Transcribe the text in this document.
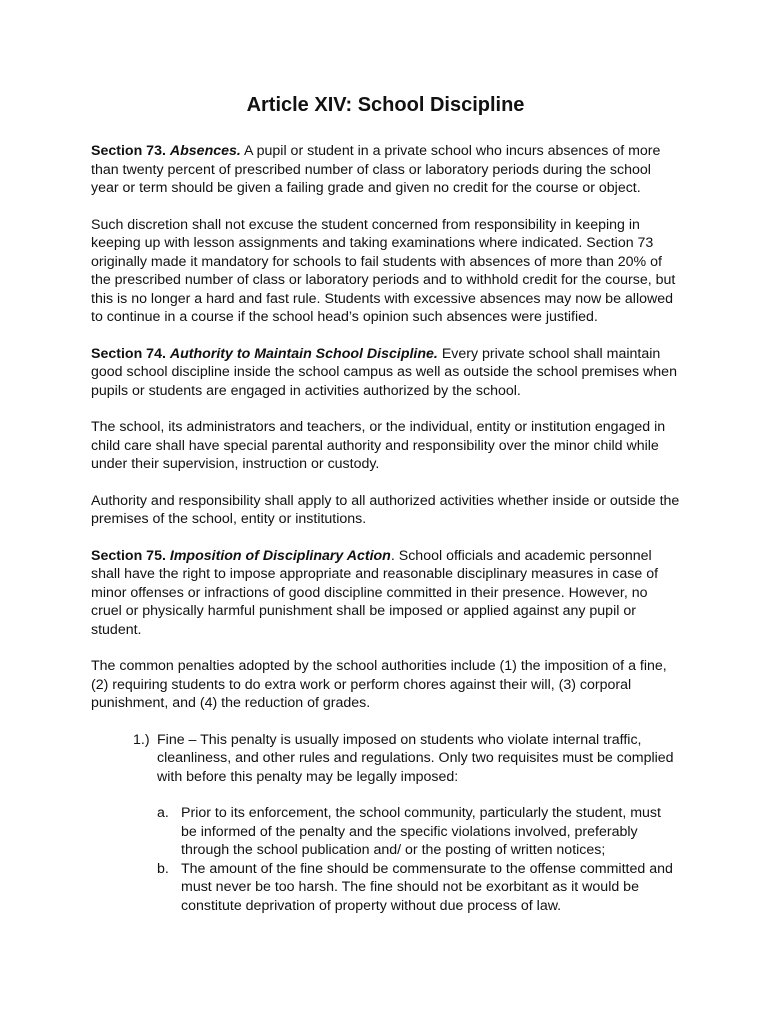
Article XIV: School Discipline

Section 73. Absences. A pupil or student in a private school who incurs absences of more than twenty percent of prescribed number of class or laboratory periods during the school year or term should be given a failing grade and given no credit for the course or object.

Such discretion shall not excuse the student concerned from responsibility in keeping in keeping up with lesson assignments and taking examinations where indicated. Section 73 originally made it mandatory for schools to fail students with absences of more than 20% of the prescribed number of class or laboratory periods and to withhold credit for the course, but this is no longer a hard and fast rule. Students with excessive absences may now be allowed to continue in a course if the school head’s opinion such absences were justified.

Section 74. Authority to Maintain School Discipline. Every private school shall maintain good school discipline inside the school campus as well as outside the school premises when pupils or students are engaged in activities authorized by the school.

The school, its administrators and teachers, or the individual, entity or institution engaged in child care shall have special parental authority and responsibility over the minor child while under their supervision, instruction or custody.

Authority and responsibility shall apply to all authorized activities whether inside or outside the premises of the school, entity or institutions.

Section 75. Imposition of Disciplinary Action. School officials and academic personnel shall have the right to impose appropriate and reasonable disciplinary measures in case of minor offenses or infractions of good discipline committed in their presence. However, no cruel or physically harmful punishment shall be imposed or applied against any pupil or student.

The common penalties adopted by the school authorities include (1) the imposition of a fine, (2) requiring students to do extra work or perform chores against their will, (3) corporal punishment, and (4) the reduction of grades.

1.) Fine – This penalty is usually imposed on students who violate internal traffic, cleanliness, and other rules and regulations. Only two requisites must be complied with before this penalty may be legally imposed:
a. Prior to its enforcement, the school community, particularly the student, must be informed of the penalty and the specific violations involved, preferably through the school publication and/ or the posting of written notices;
b. The amount of the fine should be commensurate to the offense committed and must never be too harsh. The fine should not be exorbitant as it would be constitute deprivation of property without due process of law.
